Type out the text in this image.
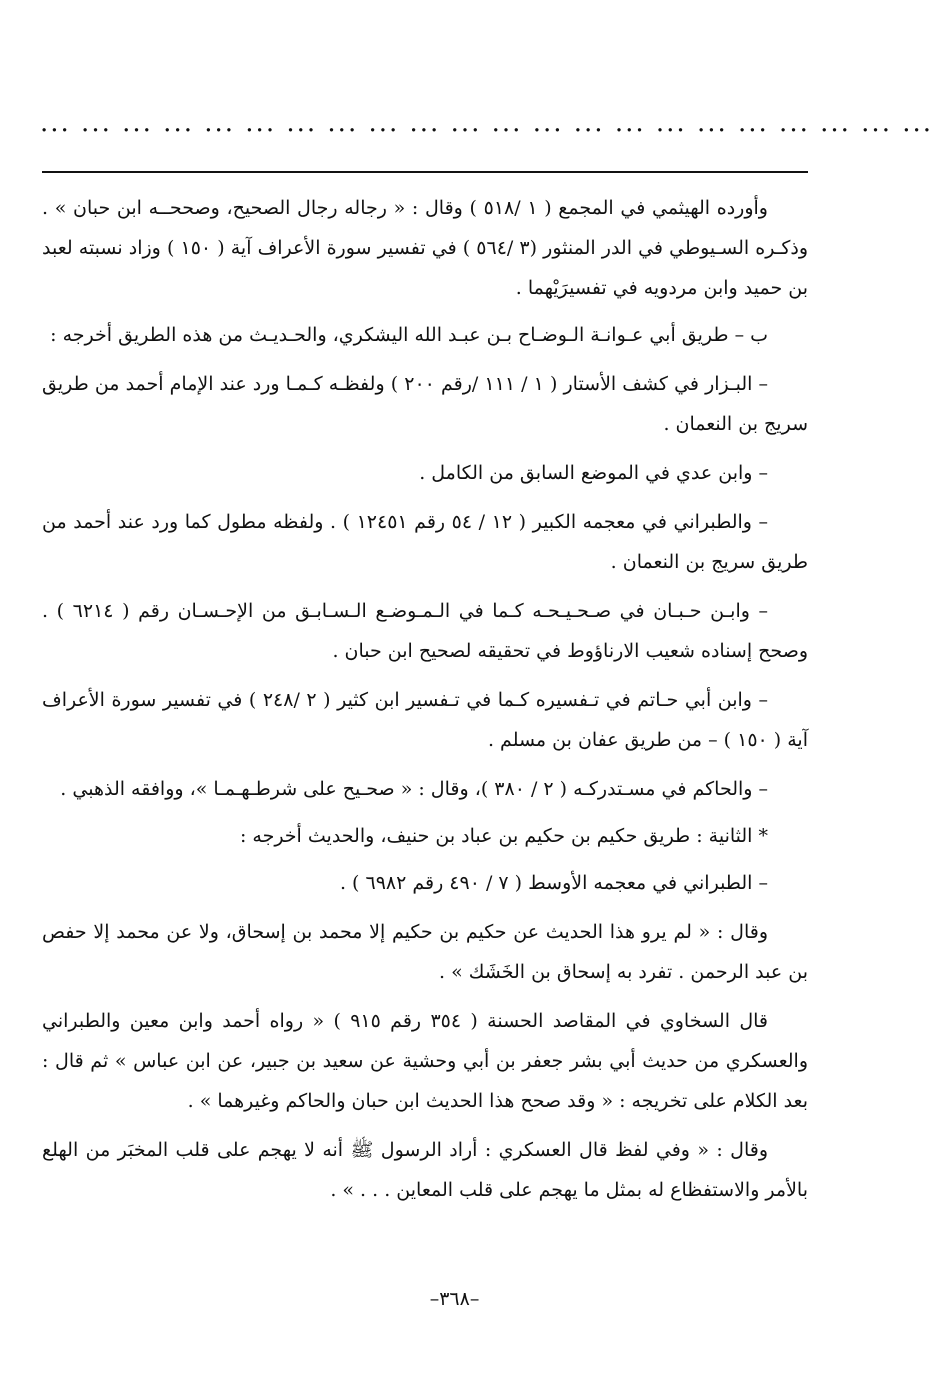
... ... ... ... ... ... ... ... ... ... ... ... ... ... ... ... ... ... ... ... ... ...

وأورده الهيثمي في المجمع ( ١ /٥١٨ ) وقال : « رجاله رجال الصحيح، وصححــه ابن حبان » . وذكـره السـيوطي في الدر المنثور (٣ /٥٦٤ ) في تفسير سورة الأعراف آية ( ١٥٠ ) وزاد نسبته لعبد بن حميد وابن مردويه في تفسيرَيْهما .

ب – طريق أبي عـوانـة الـوضـاح بـن عبـد الله اليشكري، والحـديـث من هذه الطريق أخرجه :

– البـزار في كشف الأستار ( ١ / ١١١ /رقم ٢٠٠ ) ولفظـه كـمـا ورد عند الإمام أحمد من طريق سريج بن النعمان .

– وابن عدي في الموضع السابق من الكامل .

– والطبراني في معجمه الكبير ( ١٢ / ٥٤ رقم ١٢٤٥١ ) . ولفظه مطول كما ورد عند أحمد من طريق سريج بن النعمان .

– وابـن حـبـان في صـحـيـحـه كـما في الـمـوضـع الـسـابـق من الإحـسـان رقم ( ٦٢١٤ ) . وصحح إسناده شعيب الارناؤوط في تحقيقه لصحيح ابن حبان .

– وابن أبي حـاتم في تـفسيره كـما في تـفسير ابن كثير ( ٢ /٢٤٨ ) في تفسير سورة الأعراف آية ( ١٥٠ ) – من طريق عفان بن مسلم .

– والحاكم في مسـتدركـه ( ٢ / ٣٨٠ )، وقال : « صحـيح على شرطـهـمـا »، ووافقه الذهبي .

* الثانية : طريق حكيم بن حكيم بن عباد بن حنيف، والحديث أخرجه :

– الطبراني في معجمه الأوسط ( ٧ / ٤٩٠ رقم ٦٩٨٢ ) .

وقال : « لم يرو هذا الحديث عن حكيم بن حكيم إلا محمد بن إسحاق، ولا عن محمد إلا حفص بن عبد الرحمن . تفرد به إسحاق بن الخَشَك » .

قال السخاوي في المقاصد الحسنة ( ٣٥٤ رقم ٩١٥ ) « رواه أحمد وابن معين والطبراني والعسكري من حديث أبي بشر جعفر بن أبي وحشية عن سعيد بن جبير، عن ابن عباس » ثم قال : بعد الكلام على تخريجه : « وقد صحح هذا الحديث ابن حبان والحاكم وغيرهما » .

وقال : « وفي لفظ قال العسكري : أراد الرسول ﷺ أنه لا يهجم على قلب المخبَر من الهلع بالأمر والاستفظاع له بمثل ما يهجم على قلب المعاين . . . » .

–٣٦٨–
